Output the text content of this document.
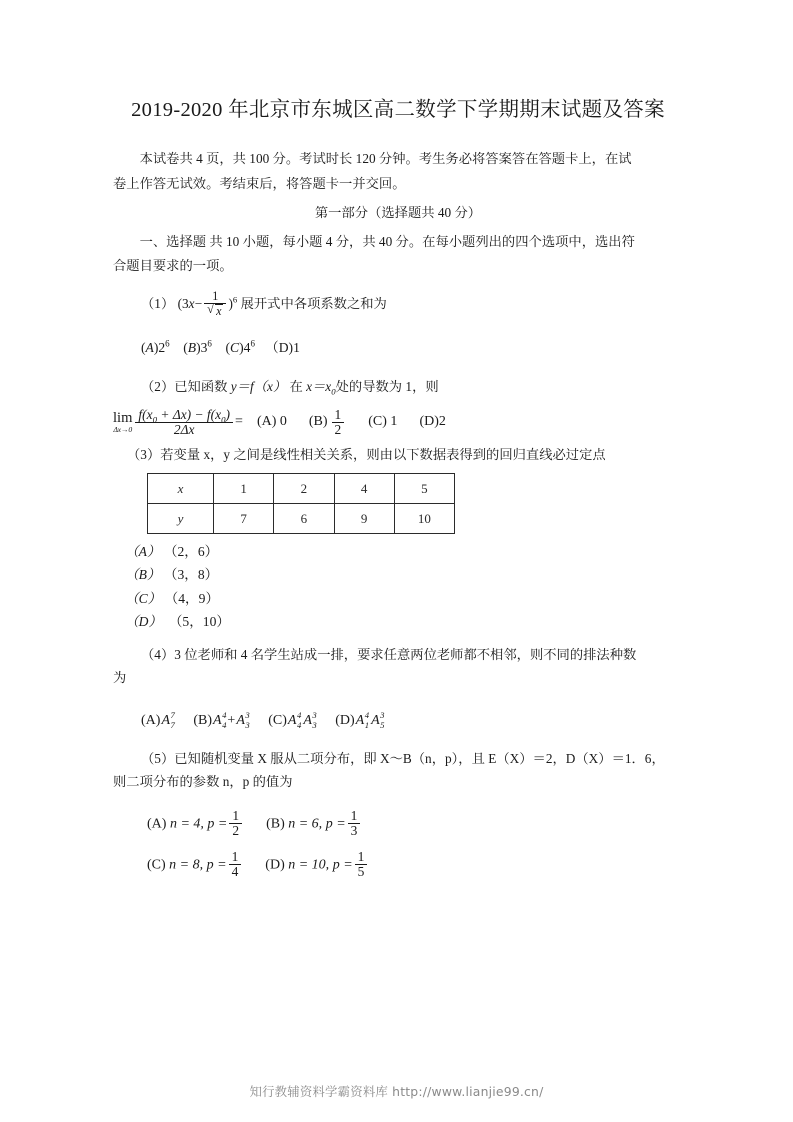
2019-2020 年北京市东城区高二数学下学期期末试题及答案

本试卷共 4 页，共 100 分。考试时长 120 分钟。考生务必将答案答在答题卡上，在试

卷上作答无试效。考结束后，将答题卡一并交回。

第一部分（选择题共 40 分）

一、选择题 共 10 小题，每小题 4 分，共 40 分。在每小题列出的四个选项中，选出符

合题目要求的一项。

（1） (3x− 1
√ x )$^6$ 展开式中各项系数之和为
$(A)2^6$ $(B)3^6$ $(C)4^6$ （D)1
（2）已知函数 y＝f（x） 在 $x=x_0$处的导数为 1，则
lim
$\Delta x\to 0 \frac{f(x_0 + \Delta x) - f(x_0)}{2\Delta x} = (A)$ 0 $(B) \frac{1}{2} (C)$ 1 (D)2
（3）若变量 x，y 之间是线性相关关系，则由以下数据表得到的回归直线必过定点
x	1	2	4	5
y	7	6	9	10
（A） （2，6）
（B） （3，8）
（C） （4，9）
（D） （5，10）
（4）3 位老师和 4 名学生站成一排，要求任意两位老师都不相邻，则不同的排法种数
为
(A)A 7
7 (B)A 4
4 +A 3
3 (C)A 4
4 A 3
3 (D)A 4
1 A 3
5
（5）已知随机变量 X 服从二项分布，即 X～B（n，p），且 E（X）＝2，D（X）＝1．6，
则二项分布的参数 n，p 的值为
(A) n = 4, $p = \frac{1}{2} (B) n = 6$, $p = \frac{1}{3}$
(C) n = 8, $p = \frac{1}{4} (D) n = 10$, $p = \frac{1}{5}$
知行教辅资料学霸资料库 http://www.lianjie99.cn/
